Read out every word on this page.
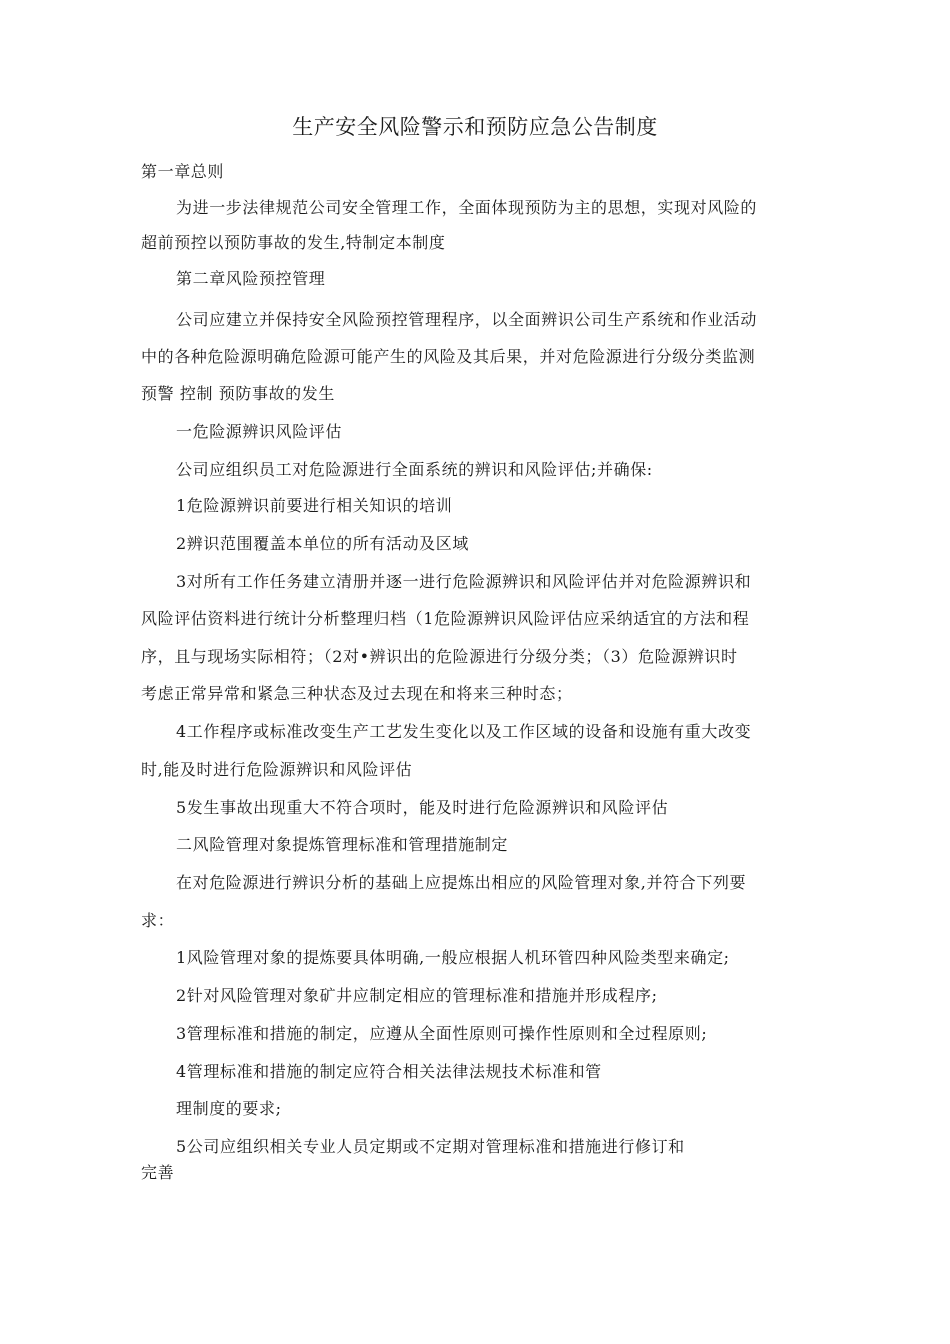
生产安全风险警示和预防应急公告制度
第一章总则
为进一步法律规范公司安全管理工作，全面体现预防为主的思想，实现对风险的
超前预控以预防事故的发生,特制定本制度
第二章风险预控管理
公司应建立并保持安全风险预控管理程序，以全面辨识公司生产系统和作业活动
中的各种危险源明确危险源可能产生的风险及其后果，并对危险源进行分级分类监测
预警 控制 预防事故的发生
一危险源辨识风险评估
公司应组织员工对危险源进行全面系统的辨识和风险评估;并确保:
1危险源辨识前要进行相关知识的培训
2辨识范围覆盖本单位的所有活动及区域
3对所有工作任务建立清册并逐一进行危险源辨识和风险评估并对危险源辨识和
风险评估资料进行统计分析整理归档（1危险源辨识风险评估应采纳适宜的方法和程
序，且与现场实际相符；（2对•辨识出的危险源进行分级分类；（3）危险源辨识时
考虑正常异常和紧急三种状态及过去现在和将来三种时态；
4工作程序或标准改变生产工艺发生变化以及工作区域的设备和设施有重大改变
时,能及时进行危险源辨识和风险评估
5发生事故出现重大不符合项时，能及时进行危险源辨识和风险评估
二风险管理对象提炼管理标准和管理措施制定
在对危险源进行辨识分析的基础上应提炼出相应的风险管理对象,并符合下列要
求：
1风险管理对象的提炼要具体明确,一般应根据人机环管四种风险类型来确定;
2针对风险管理对象矿井应制定相应的管理标准和措施并形成程序;
3管理标准和措施的制定，应遵从全面性原则可操作性原则和全过程原则;
4管理标准和措施的制定应符合相关法律法规技术标准和管
理制度的要求;
5公司应组织相关专业人员定期或不定期对管理标准和措施进行修订和
完善
